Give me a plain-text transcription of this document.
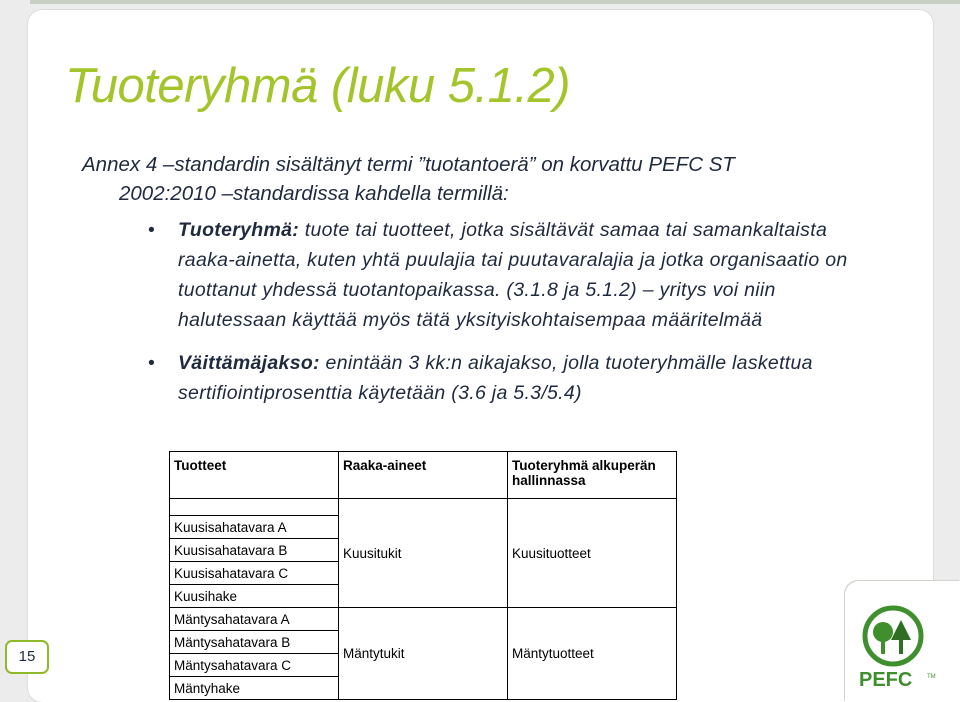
Tuoteryhmä (luku 5.1.2)

Annex 4 –standardin sisältänyt termi ”tuotantoerä” on korvattu PEFC ST
2002:2010 –standardissa kahdella termillä:

• Tuoteryhmä: tuote tai tuotteet, jotka sisältävät samaa tai samankaltaista raaka-ainetta, kuten yhtä puulajia tai puutavaralajia ja jotka organisaatio on tuottanut yhdessä tuotantopaikassa. (3.1.8 ja 5.1.2) – yritys voi niin halutessaan käyttää myös tätä yksityiskohtaisempaa määritelmää
• Väittämäjakso: enintään 3 kk:n aikajakso, jolla tuoteryhmälle laskettua sertifiointiprosenttia käytetään (3.6 ja 5.3/5.4)
Tuotteet	Raaka-aineet	Tuoteryhmä alkuperän hallinnassa
	Kuusitukit	Kuusituotteet
Kuusisahatavara A		
Kuusisahatavara B		
Kuusisahatavara C		
Kuusihake		
Mäntysahatavara A	Mäntytukit	Mäntytuotteet
Mäntysahatavara B		
Mäntysahatavara C		
Mäntyhake		
15
PEFC TM
